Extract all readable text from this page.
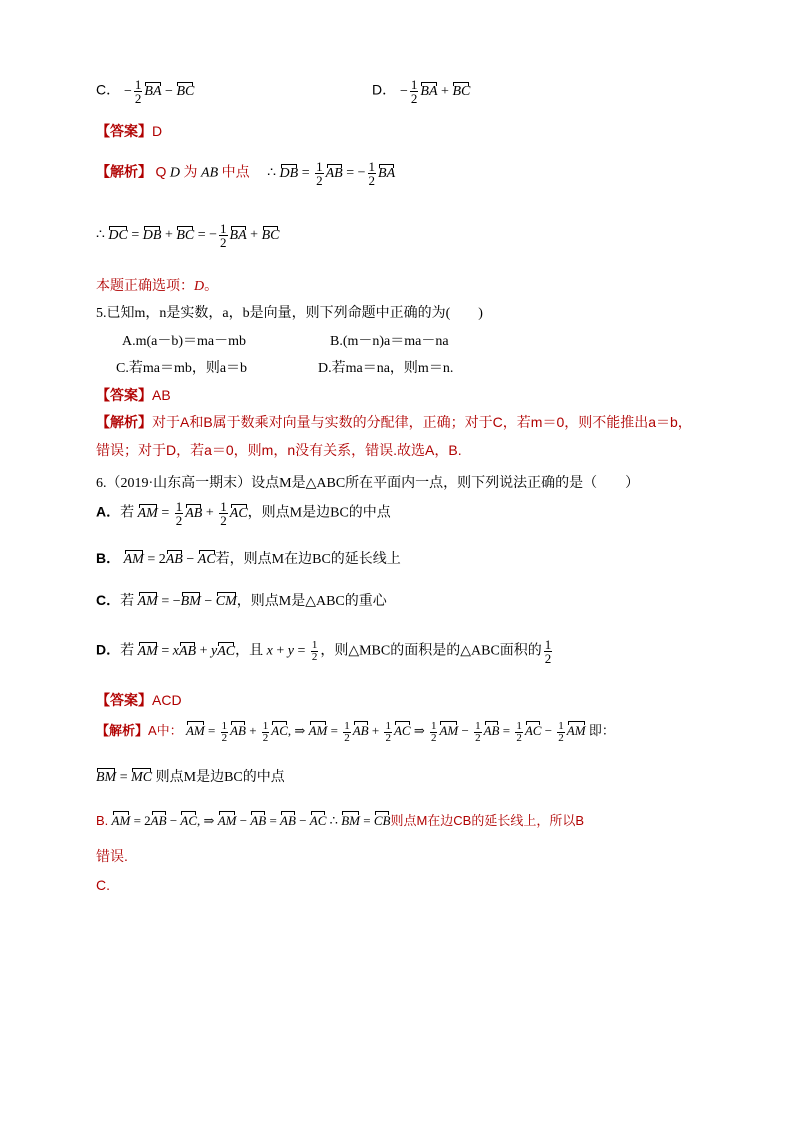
C． − $\frac{1}{2}$ BA − BC	D． − $\frac{1}{2}$ BA + BC
【答案】D
【解析】 Q D 为 AB 中点 ∴ DB = $\frac{1}{2}$ AB = − $\frac{1}{2}$ BA
∴ DC = DB + BC = − $\frac{1}{2}$ BA + BC
本题正确选项：D。
5.已知m，n是实数，a，b是向量，则下列命题中正确的为(　　)
A.m(a－b)＝ma－mb	B.(m－n)a＝ma－na
C.若ma＝mb，则a＝b	D.若ma＝na，则m＝n.
【答案】AB
【解析】对于A和B属于数乘对向量与实数的分配律，正确；对于C，若m＝0，则不能推出a＝b，
错误；对于D，若a＝0，则m，n没有关系，错误.故选A，B.
6.（2019·山东高一期末）设点M是△ABC所在平面内一点，则下列说法正确的是（　　）
A．若 AM = $\frac{1}{2}$ AB + $\frac{1}{2}$ AC，则点M是边BC的中点
B． AM = 2AB − AC若，则点M在边BC的延长线上
C．若 AM = −BM − CM，则点M是△ABC的重心
D．若 AM = xAB + yAC，且 $x + y = \frac{1}{2}$ ，则△MBC的面积是的△ABC面积的 $\frac{1}{2}$
【答案】ACD
【解析】A中： AM = $\frac{1}{2}$ AB + $\frac{1}{2}$ AC, ⇒ AM = $\frac{1}{2}$ AB + $\frac{1}{2}$ AC ⇒ $\frac{1}{2}$ AM − $\frac{1}{2}$ AB = $\frac{1}{2}$ AC − $\frac{1}{2}$ AM 即：
BM = MC 则点M是边BC的中点
B. AM = 2AB − AC, ⇒ AM − AB = AB − AC ∴ BM = CB则点M在边CB的延长线上，所以B
错误.
C.
